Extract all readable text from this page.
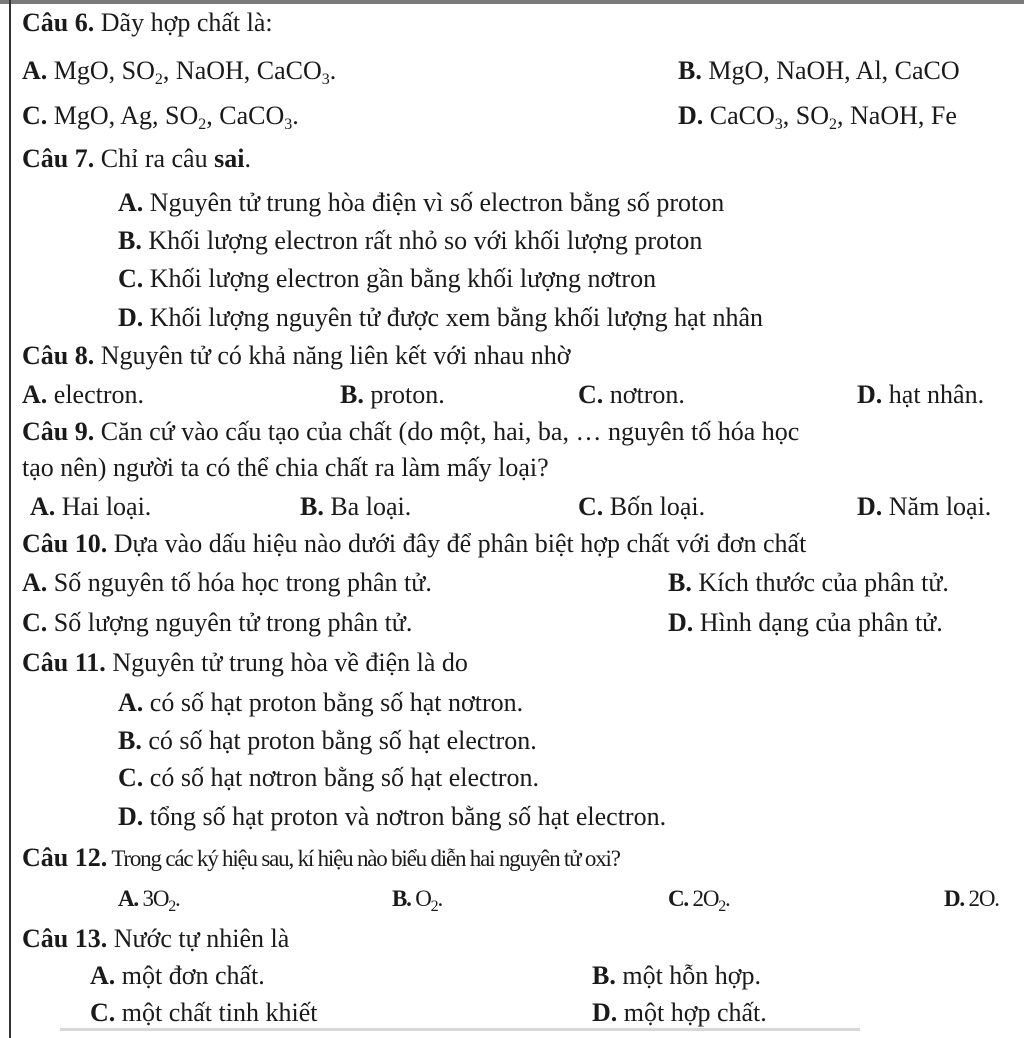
Câu 6. Dãy hợp chất là:
A. MgO, $SO_2$, NaOH, CaCO$_3$.	B. MgO, NaOH, Al, CaCO
C. MgO, Ag, $SO_2$, CaCO$_3$.	D. CaCO$_3$, $SO_2$, NaOH, Fe
Câu 7. Chỉ ra câu sai.
A. Nguyên tử trung hòa điện vì số electron bằng số proton
B. Khối lượng electron rất nhỏ so với khối lượng proton
C. Khối lượng electron gần bằng khối lượng nơtron
D. Khối lượng nguyên tử được xem bằng khối lượng hạt nhân
Câu 8. Nguyên tử có khả năng liên kết với nhau nhờ
A. electron.	B. proton.	C. nơtron.	D. hạt nhân.
Câu 9. Căn cứ vào cấu tạo của chất (do một, hai, ba, … nguyên tố hóa học
tạo nên) người ta có thể chia chất ra làm mấy loại?
A. Hai loại.	B. Ba loại.	C. Bốn loại.	D. Năm loại.
Câu 10. Dựa vào dấu hiệu nào dưới đây để phân biệt hợp chất với đơn chất
A. Số nguyên tố hóa học trong phân tử.	B. Kích thước của phân tử.
C. Số lượng nguyên tử trong phân tử.	D. Hình dạng của phân tử.
Câu 11. Nguyên tử trung hòa về điện là do
A. có số hạt proton bằng số hạt nơtron.
B. có số hạt proton bằng số hạt electron.
C. có số hạt nơtron bằng số hạt electron.
D. tổng số hạt proton và nơtron bằng số hạt electron.
Câu 12. Trong các ký hiệu sau, kí hiệu nào biểu diễn hai nguyên tử oxi?
A. $3O_2$.	B. $O_2$.	C. $2O_2$.	D. 2O.
Câu 13. Nước tự nhiên là
A. một đơn chất.	B. một hỗn hợp.
C. một chất tinh khiết	D. một hợp chất.
